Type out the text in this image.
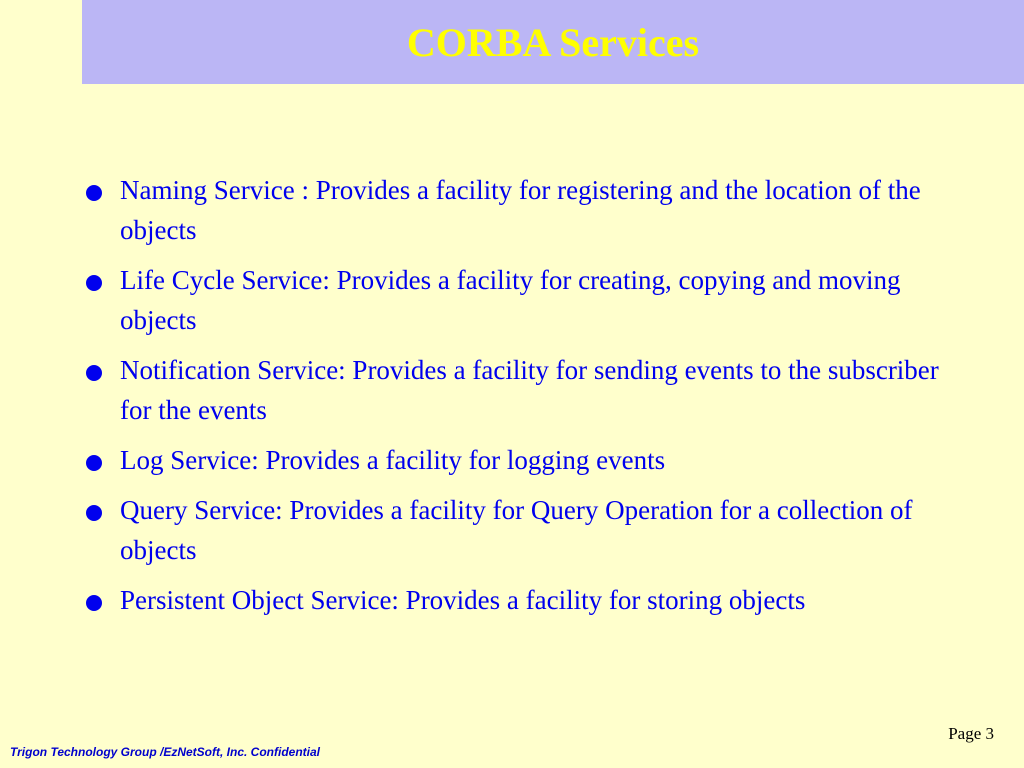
CORBA Services
Naming Service : Provides a facility for registering and the location of the objects
Life Cycle Service: Provides a facility for creating, copying and moving objects
Notification Service: Provides a facility for sending events to the subscriber for the events
Log Service: Provides a facility for logging events
Query Service: Provides a facility for Query Operation for a collection of objects
Persistent Object Service: Provides a facility for storing objects
Page 3
Trigon Technology Group /EzNetSoft, Inc. Confidential
